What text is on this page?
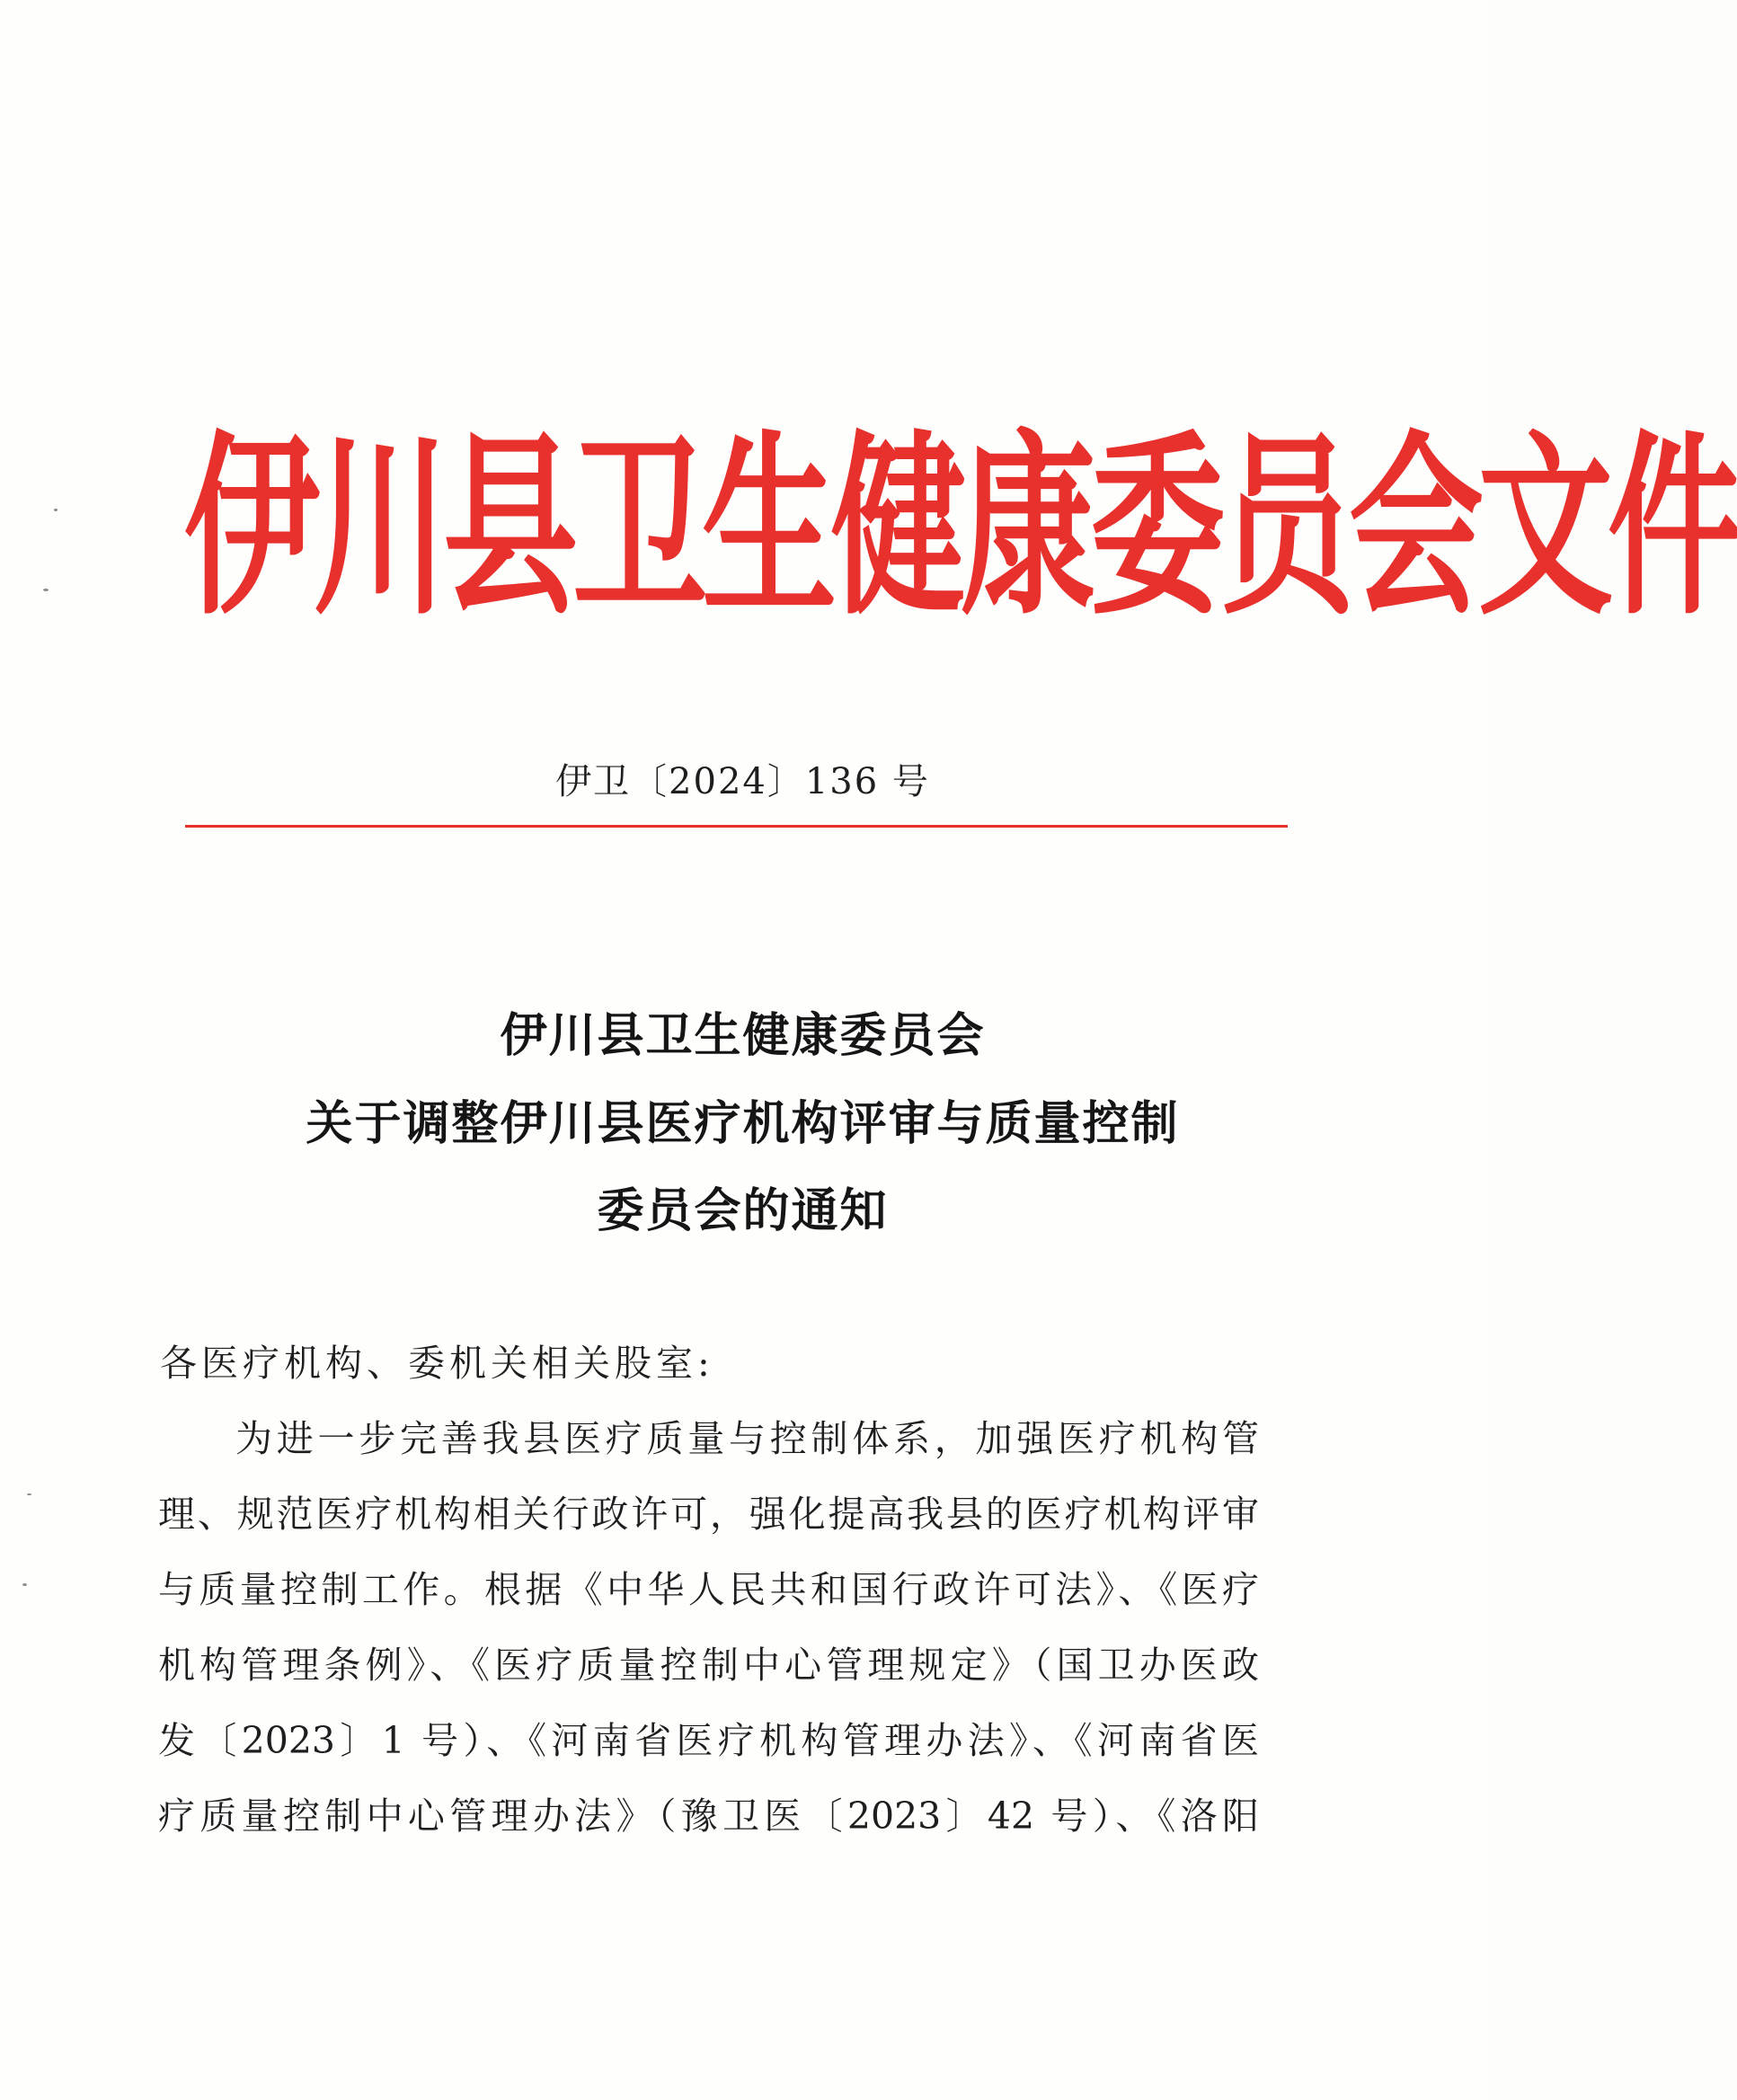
伊川县卫生健康委员会文件
伊卫〔2024〕136 号
伊川县卫生健康委员会
关于调整伊川县医疗机构评审与质量控制
委员会的通知
各医疗机构、委机关相关股室:
为进一步完善我县医疗质量与控制体系，加强医疗机构管
理、规范医疗机构相关行政许可，强化提高我县的医疗机构评审
与质量控制工作。根据《中华人民共和国行政许可法》、《医疗
机构管理条例》、《医疗质量控制中心管理规定》（国卫办医政
发〔2023〕1 号）、《河南省医疗机构管理办法》、《河南省医
疗质量控制中心管理办法》（豫卫医〔2023〕42 号）、《洛阳
